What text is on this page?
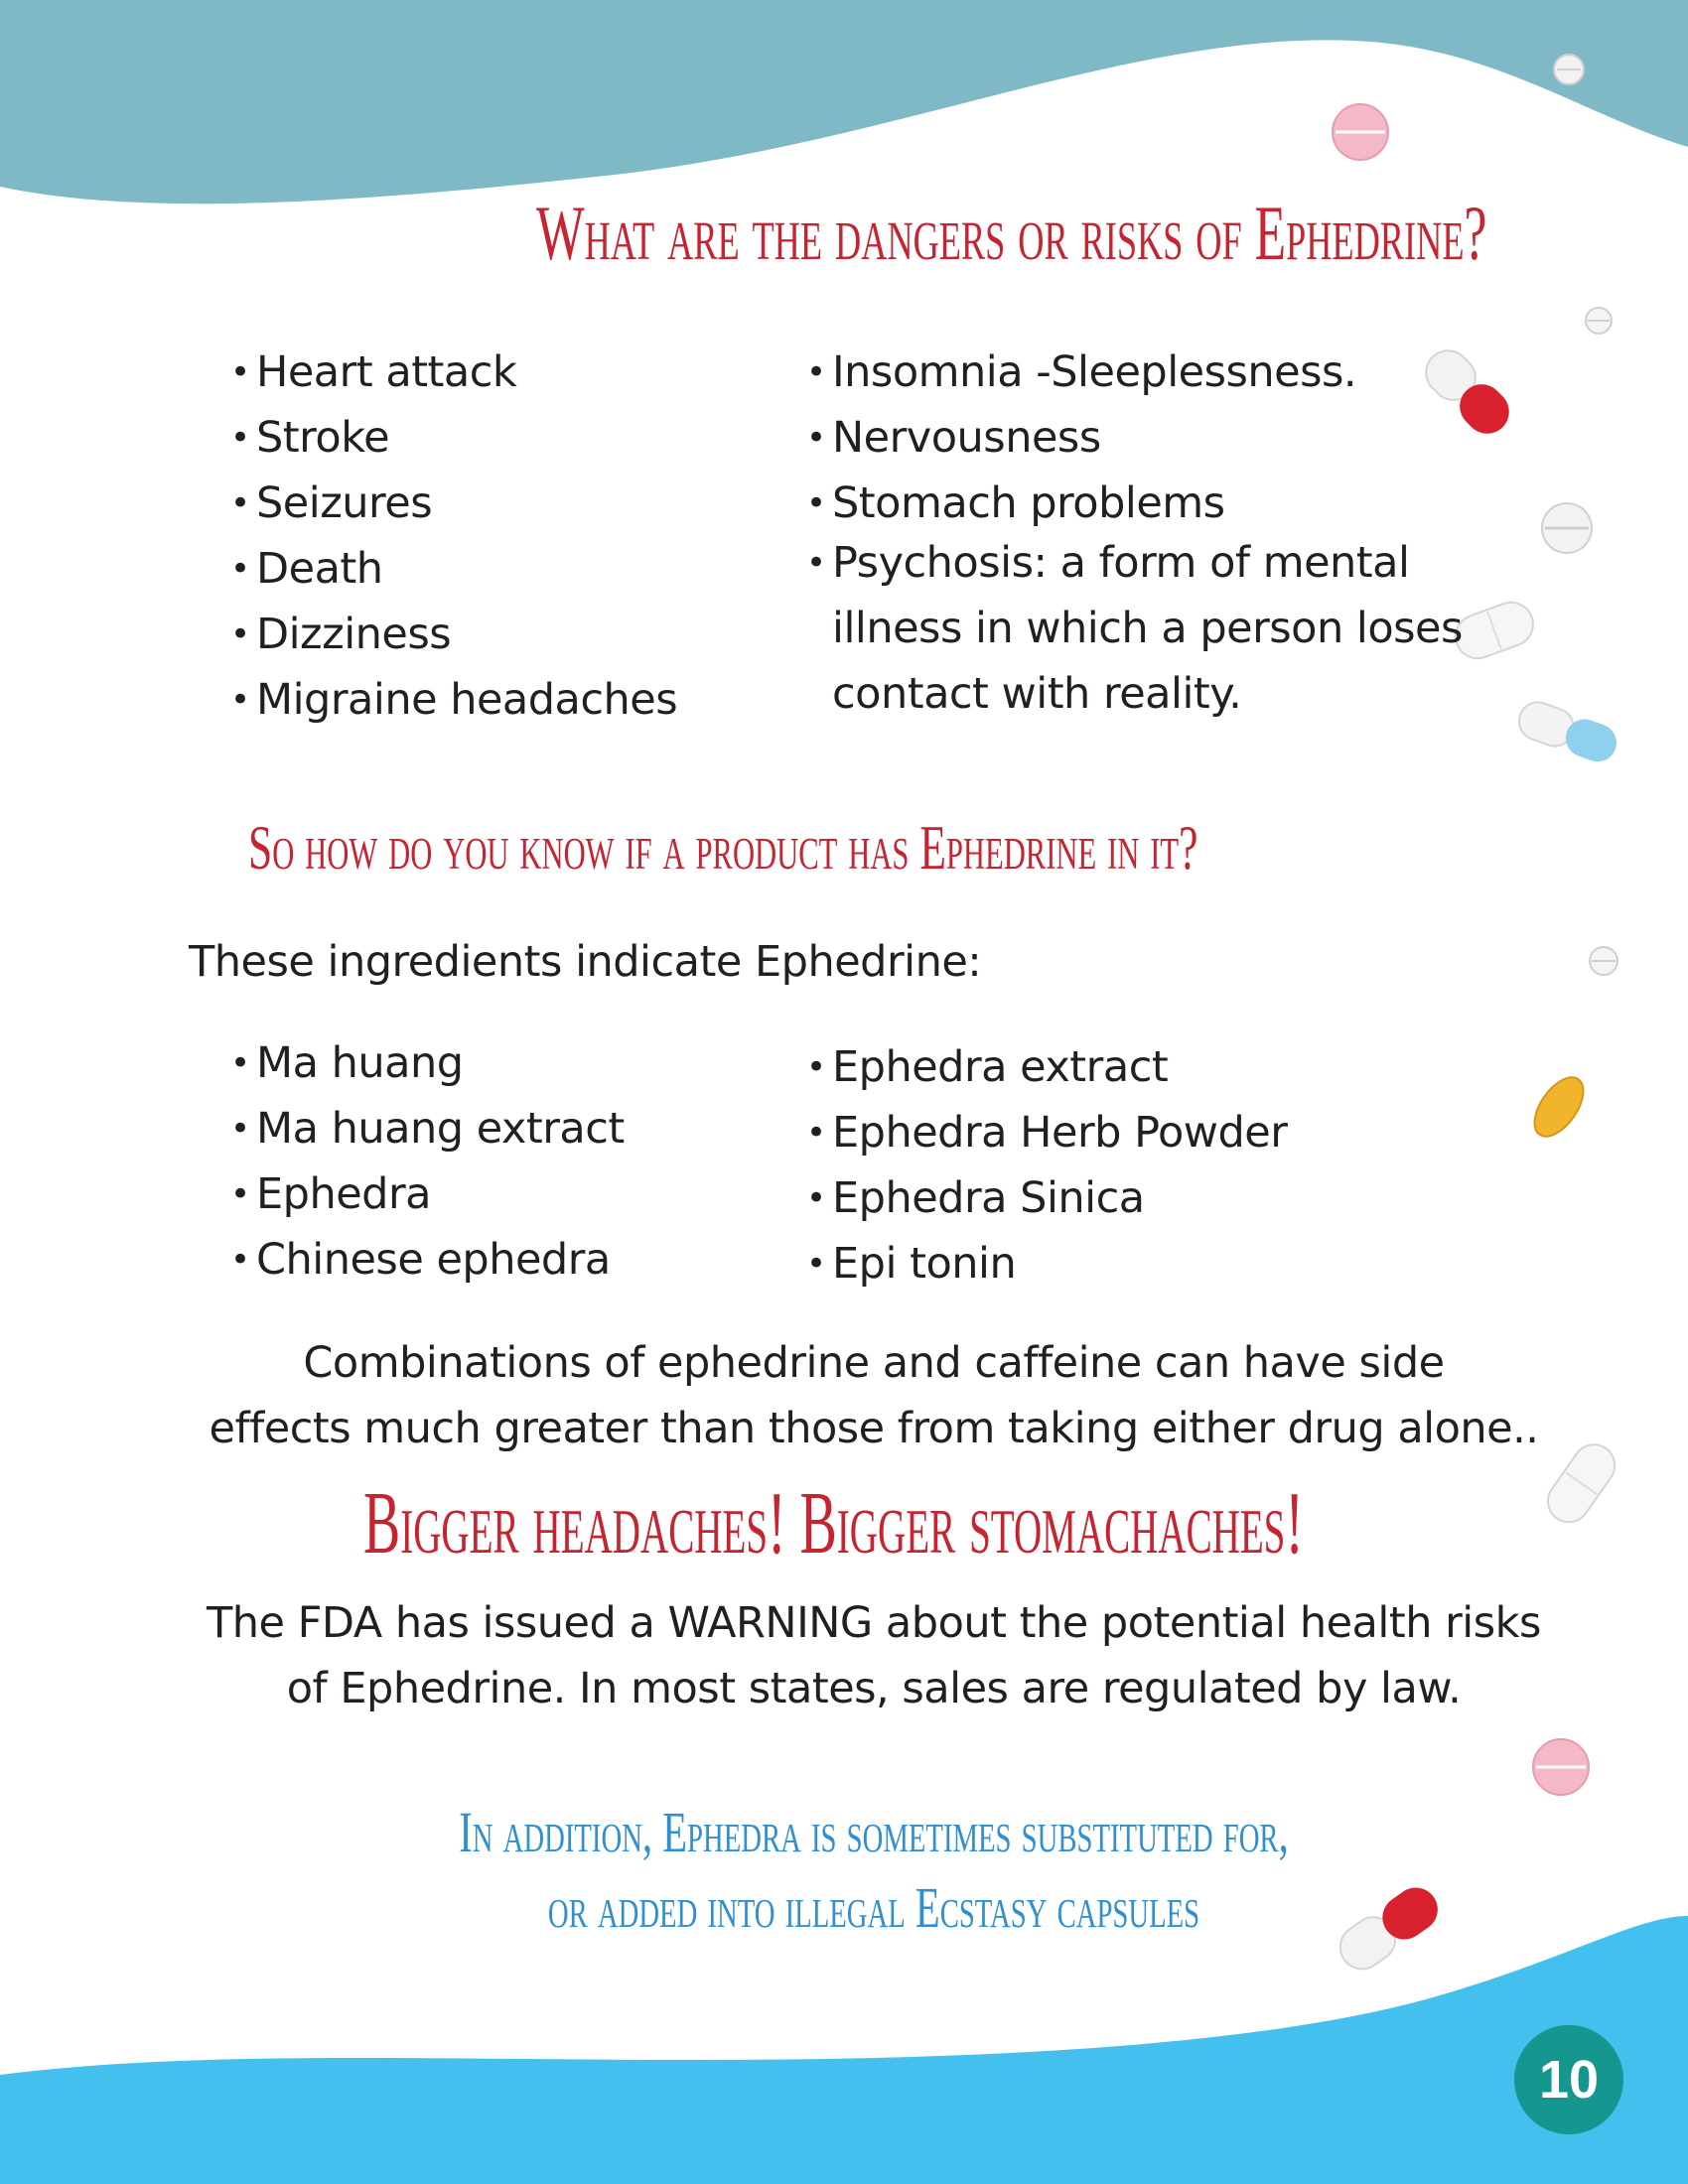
What are the dangers or risks of Ephedrine?
• Heart attack
• Stroke
• Seizures
• Death
• Dizziness
• Migraine headaches
• Insomnia -Sleeplessness.
• Nervousness
• Stomach problems
• Psychosis: a form of mental
illness in which a person loses
contact with reality.
So how do you know if a product has Ephedrine in it?
These ingredients indicate Ephedrine:
• Ma huang
• Ma huang extract
• Ephedra
• Chinese ephedra
• Ephedra extract
• Ephedra Herb Powder
• Ephedra Sinica
• Epi tonin
Combinations of ephedrine and caffeine can have side
effects much greater than those from taking either drug alone..
Bigger headaches! Bigger stomachaches!
The FDA has issued a WARNING about the potential health risks
of Ephedrine. In most states, sales are regulated by law.
In addition, Ephedra is sometimes substituted for,
or added into illegal Ecstasy capsules
10
